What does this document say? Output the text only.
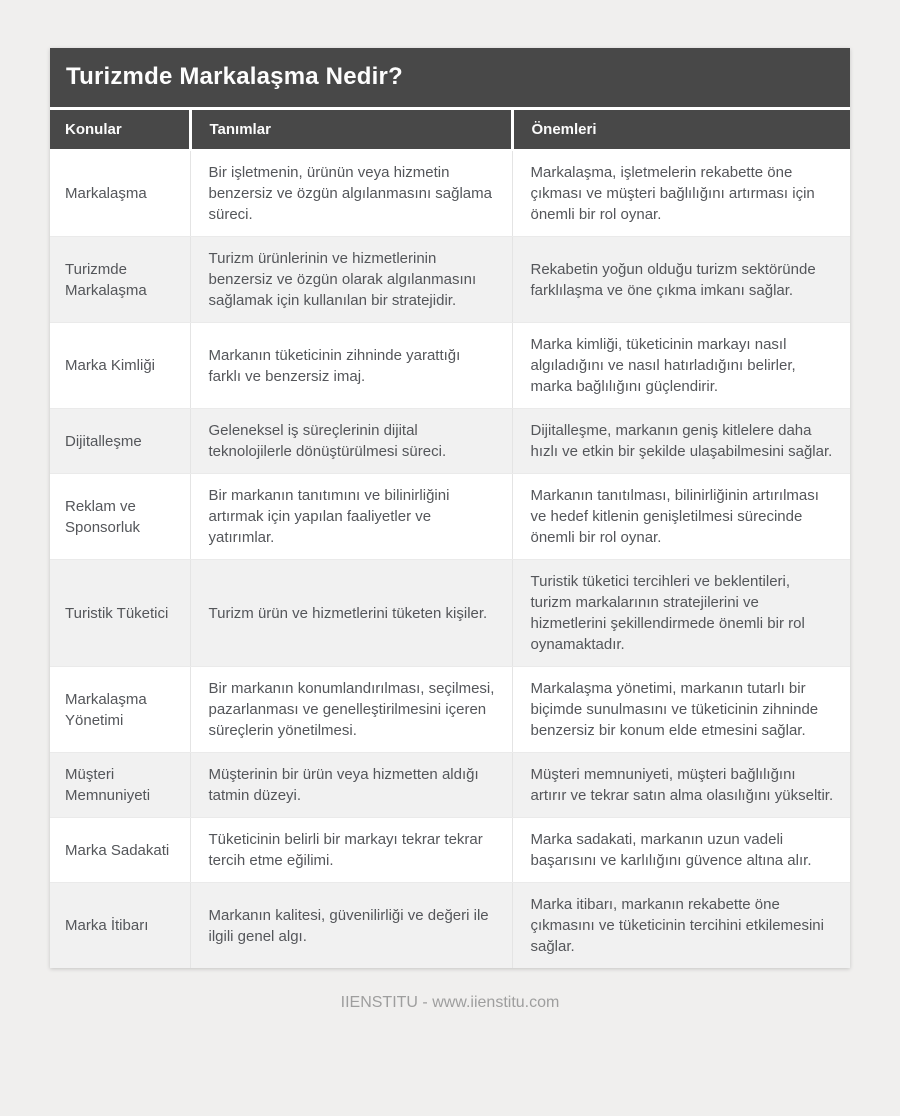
Turizmde Markalaşma Nedir?
Konular	Tanımlar	Önemleri
Markalaşma	Bir işletmenin, ürünün veya hizmetin benzersiz ve özgün algılanmasını sağlama süreci.	Markalaşma, işletmelerin rekabette öne çıkması ve müşteri bağlılığını artırması için önemli bir rol oynar.
Turizmde Markalaşma	Turizm ürünlerinin ve hizmetlerinin benzersiz ve özgün olarak algılanmasını sağlamak için kullanılan bir stratejidir.	Rekabetin yoğun olduğu turizm sektöründe farklılaşma ve öne çıkma imkanı sağlar.
Marka Kimliği	Markanın tüketicinin zihninde yarattığı farklı ve benzersiz imaj.	Marka kimliği, tüketicinin markayı nasıl algıladığını ve nasıl hatırladığını belirler, marka bağlılığını güçlendirir.
Dijitalleşme	Geleneksel iş süreçlerinin dijital teknolojilerle dönüştürülmesi süreci.	Dijitalleşme, markanın geniş kitlelere daha hızlı ve etkin bir şekilde ulaşabilmesini sağlar.
Reklam ve Sponsorluk	Bir markanın tanıtımını ve bilinirliğini artırmak için yapılan faaliyetler ve yatırımlar.	Markanın tanıtılması, bilinirliğinin artırılması ve hedef kitlenin genişletilmesi sürecinde önemli bir rol oynar.
Turistik Tüketici	Turizm ürün ve hizmetlerini tüketen kişiler.	Turistik tüketici tercihleri ve beklentileri, turizm markalarının stratejilerini ve hizmetlerini şekillendirmede önemli bir rol oynamaktadır.
Markalaşma Yönetimi	Bir markanın konumlandırılması, seçilmesi, pazarlanması ve genelleştirilmesini içeren süreçlerin yönetilmesi.	Markalaşma yönetimi, markanın tutarlı bir biçimde sunulmasını ve tüketicinin zihninde benzersiz bir konum elde etmesini sağlar.
Müşteri Memnuniyeti	Müşterinin bir ürün veya hizmetten aldığı tatmin düzeyi.	Müşteri memnuniyeti, müşteri bağlılığını artırır ve tekrar satın alma olasılığını yükseltir.
Marka Sadakati	Tüketicinin belirli bir markayı tekrar tekrar tercih etme eğilimi.	Marka sadakati, markanın uzun vadeli başarısını ve karlılığını güvence altına alır.
Marka İtibarı	Markanın kalitesi, güvenilirliği ve değeri ile ilgili genel algı.	Marka itibarı, markanın rekabette öne çıkmasını ve tüketicinin tercihini etkilemesini sağlar.
IIENSTITU - www.iienstitu.com
